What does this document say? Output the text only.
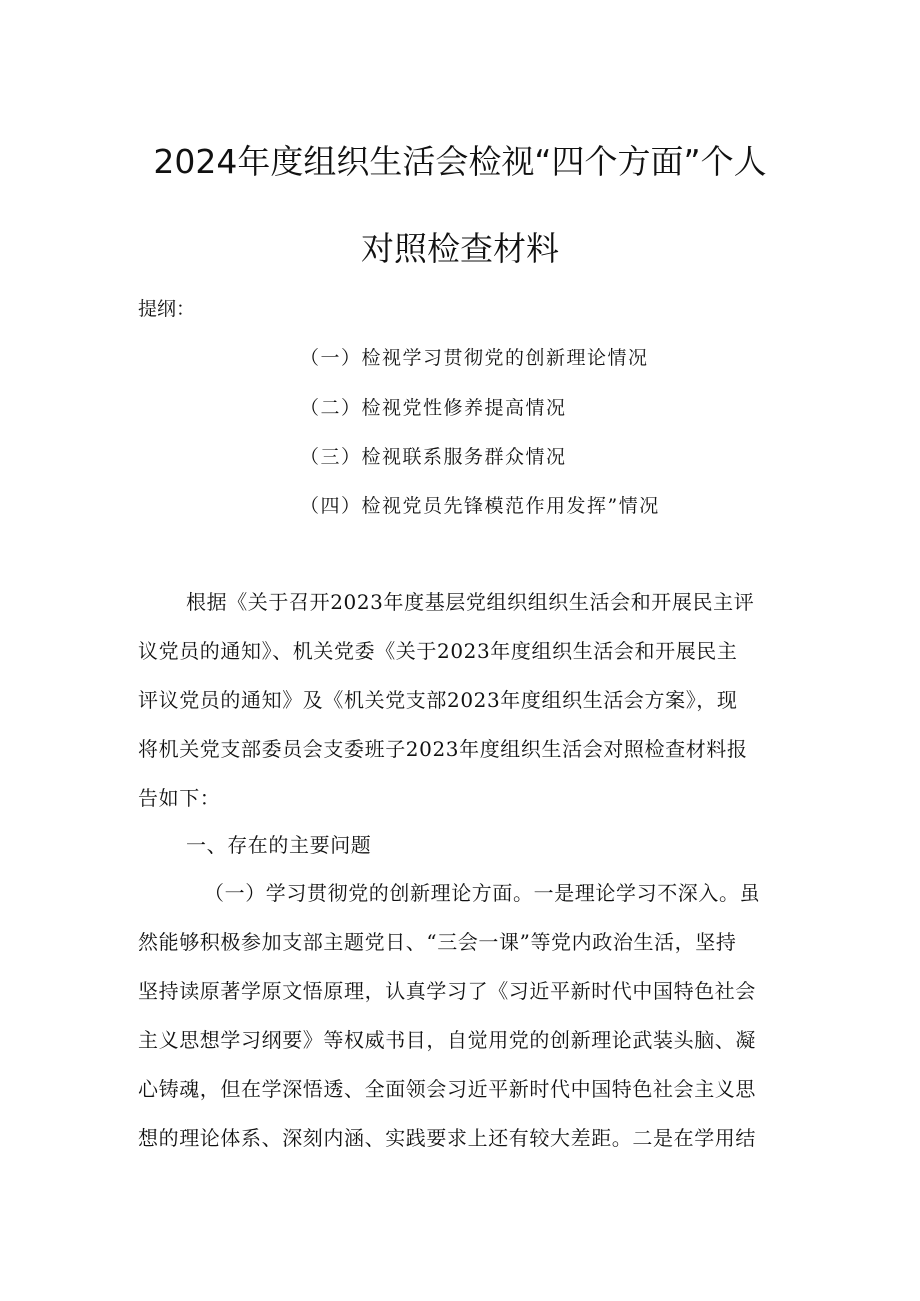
2024年度组织生活会检视“四个方面”个人
对照检查材料
提纲：
（一）检视学习贯彻党的创新理论情况
（二）检视党性修养提高情况
（三）检视联系服务群众情况
（四）检视党员先锋模范作用发挥”情况
根据《关于召开2023年度基层党组织组织生活会和开展民主评
议党员的通知》、机关党委《关于2023年度组织生活会和开展民主
评议党员的通知》及《机关党支部2023年度组织生活会方案》，现
将机关党支部委员会支委班子2023年度组织生活会对照检查材料报
告如下：
一、存在的主要问题
（一）学习贯彻党的创新理论方面。一是理论学习不深入。虽
然能够积极参加支部主题党日、“三会一课”等党内政治生活，坚持
坚持读原著学原文悟原理，认真学习了《习近平新时代中国特色社会
主义思想学习纲要》等权威书目，自觉用党的创新理论武装头脑、凝
心铸魂，但在学深悟透、全面领会习近平新时代中国特色社会主义思
想的理论体系、深刻内涵、实践要求上还有较大差距。二是在学用结
